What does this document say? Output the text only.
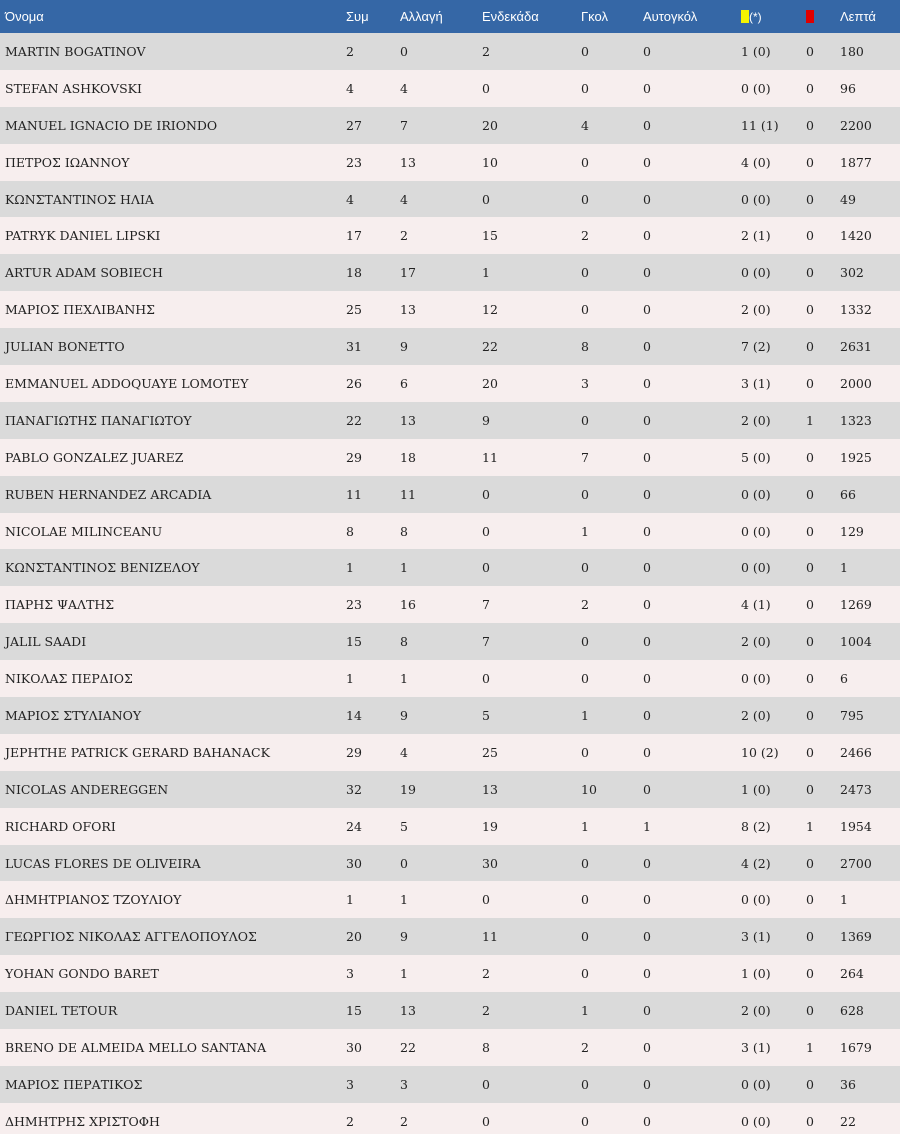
Όνομα	Συμ	Αλλαγή	Ενδεκάδα	Γκολ	Αυτογκόλ	(*)		Λεπτά
MARTIN BOGATINOV	2	0	2	0	0	1 (0)	0	180
STEFAN ASHKOVSKI	4	4	0	0	0	0 (0)	0	96
MANUEL IGNACIO DE IRIONDO	27	7	20	4	0	11 (1)	0	2200
ΠΕΤΡΟΣ ΙΩΑΝΝΟΥ	23	13	10	0	0	4 (0)	0	1877
ΚΩΝΣΤΑΝΤΙΝΟΣ ΗΛΙΑ	4	4	0	0	0	0 (0)	0	49
PATRYK DANIEL LIPSKI	17	2	15	2	0	2 (1)	0	1420
ARTUR ADAM SOBIECH	18	17	1	0	0	0 (0)	0	302
ΜΑΡΙΟΣ ΠΕΧΛΙΒΑΝΗΣ	25	13	12	0	0	2 (0)	0	1332
JULIAN BONETTO	31	9	22	8	0	7 (2)	0	2631
EMMANUEL ADDOQUAYE LOMOTEY	26	6	20	3	0	3 (1)	0	2000
ΠΑΝΑΓΙΩΤΗΣ ΠΑΝΑΓΙΩΤΟΥ	22	13	9	0	0	2 (0)	1	1323
PABLO GONZALEZ JUAREZ	29	18	11	7	0	5 (0)	0	1925
RUBEN HERNANDEZ ARCADIA	11	11	0	0	0	0 (0)	0	66
NICOLAE MILINCEANU	8	8	0	1	0	0 (0)	0	129
ΚΩΝΣΤΑΝΤΙΝΟΣ ΒΕΝΙΖΕΛΟΥ	1	1	0	0	0	0 (0)	0	1
ΠΑΡΗΣ ΨΑΛΤΗΣ	23	16	7	2	0	4 (1)	0	1269
JALIL SAADI	15	8	7	0	0	2 (0)	0	1004
ΝΙΚΟΛΑΣ ΠΕΡΔΙΟΣ	1	1	0	0	0	0 (0)	0	6
ΜΑΡΙΟΣ ΣΤΥΛΙΑΝΟΥ	14	9	5	1	0	2 (0)	0	795
JEPHTHE PATRICK GERARD BAHANACK	29	4	25	0	0	10 (2)	0	2466
NICOLAS ANDEREGGEN	32	19	13	10	0	1 (0)	0	2473
RICHARD OFORI	24	5	19	1	1	8 (2)	1	1954
LUCAS FLORES DE OLIVEIRA	30	0	30	0	0	4 (2)	0	2700
ΔΗΜΗΤΡΙΑΝΟΣ ΤΖΟΥΛΙΟΥ	1	1	0	0	0	0 (0)	0	1
ΓΕΩΡΓΙΟΣ ΝΙΚΟΛΑΣ ΑΓΓΕΛΟΠΟΥΛΟΣ	20	9	11	0	0	3 (1)	0	1369
YOHAN GONDO BARET	3	1	2	0	0	1 (0)	0	264
DANIEL TETOUR	15	13	2	1	0	2 (0)	0	628
BRENO DE ALMEIDA MELLO SANTANA	30	22	8	2	0	3 (1)	1	1679
ΜΑΡΙΟΣ ΠΕΡΑΤΙΚΟΣ	3	3	0	0	0	0 (0)	0	36
ΔΗΜΗΤΡΗΣ ΧΡΙΣΤΟΦΗ	2	2	0	0	0	0 (0)	0	22
